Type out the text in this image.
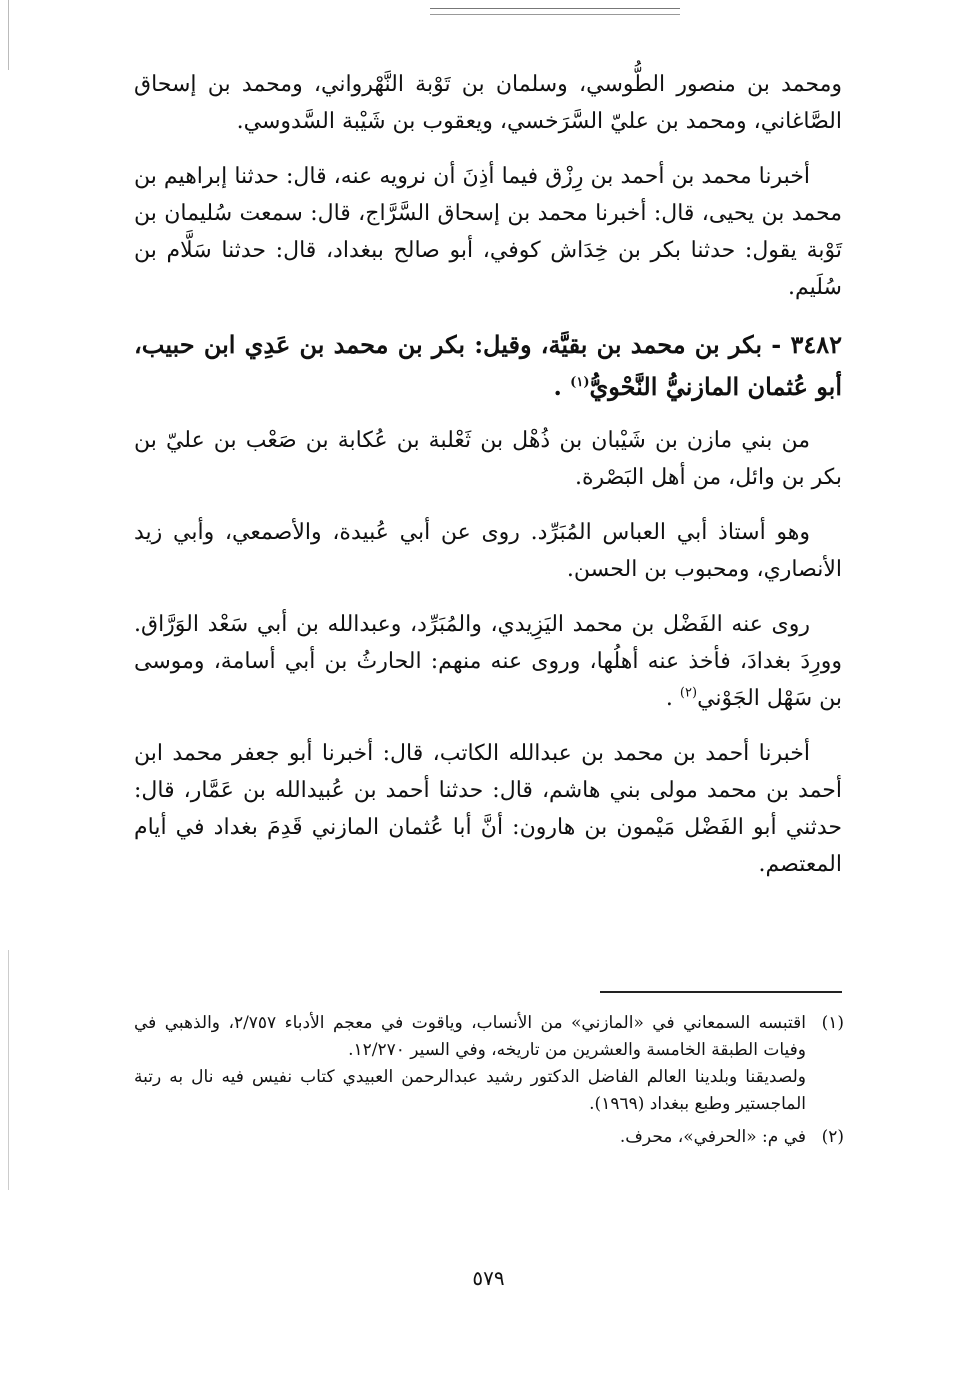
ومحمد بن منصور الطُّوسي، وسلمان بن تَوْبة النَّهْرواني، ومحمد بن إسحاق الصَّاغاني، ومحمد بن عليّ السَّرَخسي، ويعقوب بن شَيْبة السَّدوسي.

أخبرنا محمد بن أحمد بن رِزْق فيما أذِنَ أن نرويه عنه، قال: حدثنا إبراهيم بن محمد بن يحيى، قال: أخبرنا محمد بن إسحاق السَّرَّاج، قال: سمعت سُليمان بن تَوْبة يقول: حدثنا بكر بن خِدَاش كوفي، أبو صالح ببغداد، قال: حدثنا سَلَّام بن سُلَيم.

٣٤٨٢ - بكر بن محمد بن بقيَّة، وقيل: بكر بن محمد بن عَدِي ابن حبيب، أبو عُثمان المازنيُّ النَّحْويُّ$^{(١)}$ .

من بني مازن بن شَيْبان بن ذُهْل بن ثَعْلبة بن عُكابة بن صَعْب بن عليّ بن بكر بن وائل، من أهل البَصْرة.

وهو أستاذ أبي العباس المُبَرِّد. روى عن أبي عُبيدة، والأصمعي، وأبي زيد الأنصاري، ومحبوب بن الحسن.

روى عنه الفَضْل بن محمد اليَزِيدي، والمُبَرِّد، وعبدالله بن أبي سَعْد الوَرَّاق. وورِدَ بغدادَ، فأخذ عنه أهلُها، وروى عنه منهم: الحارثُ بن أبي أسامة، وموسى بن سَهْل الجَوْني$^{(٢)}$ .

أخبرنا أحمد بن محمد بن عبدالله الكاتب، قال: أخبرنا أبو جعفر محمد ابن أحمد بن محمد مولى بني هاشم، قال: حدثنا أحمد بن عُبيدالله بن عَمَّار، قال: حدثني أبو الفَضْل مَيْمون بن هارون: أنَّ أبا عُثمان المازني قَدِمَ بغداد في أيام المعتصم.

(١)

اقتبسه السمعاني في «المازني» من الأنساب، وياقوت في معجم الأدباء ٢/٧٥٧، والذهبي في وفيات الطبقة الخامسة والعشرين من تاريخه، وفي السير ١٢/٢٧٠.

ولصديقنا وبلدينا العالم الفاضل الدكتور رشيد عبدالرحمن العبيدي كتاب نفيس فيه نال به رتبة الماجستير وطبع ببغداد (١٩٦٩).

(٢)

في م: «الحرفي»، محرف.

٥٧٩
